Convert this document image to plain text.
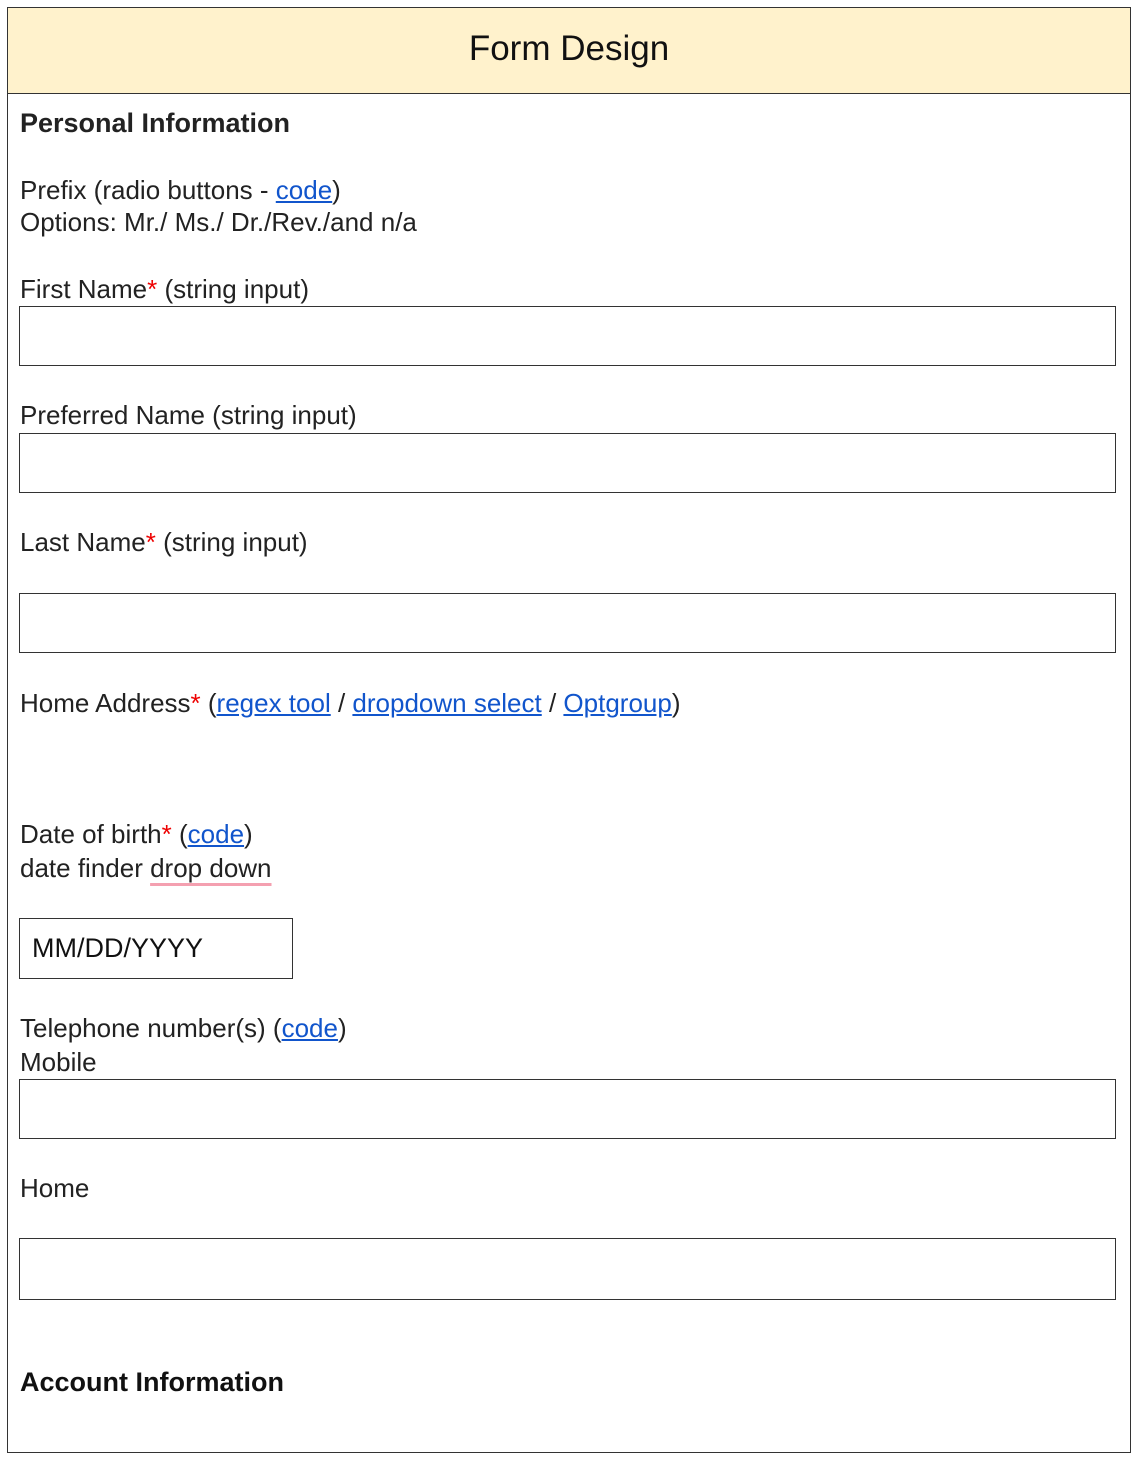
Form Design
Personal Information
Prefix (radio buttons - code)
Options: Mr./ Ms./ Dr./Rev./and n/a
First Name* (string input)
Preferred Name (string input)
Last Name* (string input)
Home Address* (regex tool / dropdown select / Optgroup)
Date of birth* (code)
date finder drop down
MM/DD/YYYY
Telephone number(s) (code)
Mobile
Home
Account Information
